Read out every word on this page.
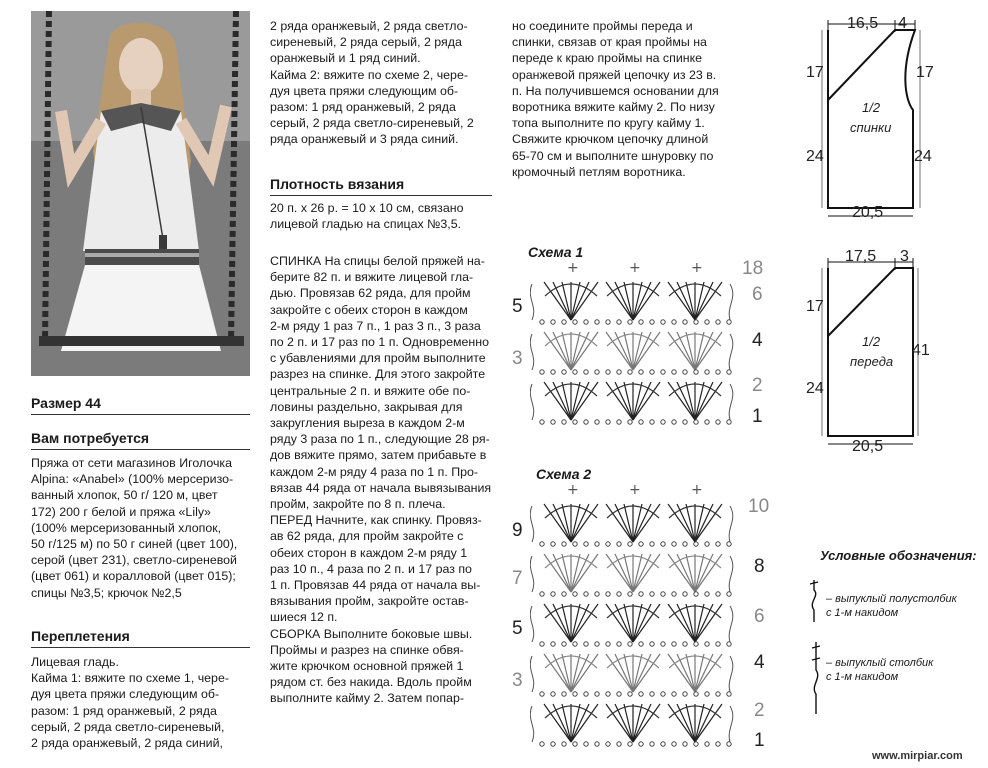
Размер 44
Вам потребуется

Пряжа от сети магазинов Иголочка

Alpina: «Anabel» (100% мерсеризо-

ванный хлопок, 50 г/ 120 м, цвет

172) 200 г белой и пряжа «Lily»

(100% мерсеризованный хлопок,

50 г/125 м) по 50 г синей (цвет 100),

серой (цвет 231), светло-сиреневой

(цвет 061) и коралловой (цвет 015);

спицы №3,5; крючок №2,5

Переплетения

Лицевая гладь.

Кайма 1: вяжите по схеме 1, чере-

дуя цвета пряжи следующим об-

разом: 1 ряд оранжевый, 2 ряда

серый, 2 ряда светло-сиреневый,

2 ряда оранжевый, 2 ряда синий,

2 ряда оранжевый, 2 ряда светло-

сиреневый, 2 ряда серый, 2 ряда

оранжевый и 1 ряд синий.

Кайма 2: вяжите по схеме 2, чере-

дуя цвета пряжи следующим об-

разом: 1 ряд оранжевый, 2 ряда

серый, 2 ряда светло-сиреневый, 2

ряда оранжевый и 3 ряда синий.

Плотность вязания

20 п. х 26 р. = 10 х 10 см, связано

лицевой гладью на спицах №3,5.

СПИНКА На спицы белой пряжей на-

берите 82 п. и вяжите лицевой гла-

дью. Провязав 62 ряда, для пройм

закройте с обеих сторон в каждом

2-м ряду 1 раз 7 п., 1 раз 3 п., 3 раза

по 2 п. и 17 раз по 1 п. Одновременно

с убавлениями для пройм выполните

разрез на спинке. Для этого закройте

центральные 2 п. и вяжите обе по-

ловины раздельно, закрывая для

закругления выреза в каждом 2-м

ряду 3 раза по 1 п., следующие 28 ря-

дов вяжите прямо, затем прибавьте в

каждом 2-м ряду 4 раза по 1 п. Про-

вязав 44 ряда от начала вывязывания

пройм, закройте по 8 п. плеча.

ПЕРЕД Начните, как спинку. Провяз-

ав 62 ряда, для пройм закройте с

обеих сторон в каждом 2-м ряду 1

раз 10 п., 4 раза по 2 п. и 17 раз по

1 п. Провязав 44 ряда от начала вы-

вязывания пройм, закройте остав-

шиеся 12 п.

СБОРКА Выполните боковые швы.

Проймы и разрез на спинке обвя-

жите крючком основной пряжей 1

рядом ст. без накида. Вдоль пройм

выполните кайму 2. Затем попар-

но соедините проймы переда и

спинки, связав от края проймы на

переде к краю проймы на спинке

оранжевой пряжей цепочку из 23 в.

п. На получившемся основании для

воротника вяжите кайму 2. По низу

топа выполните по кругу кайму 1.

Свяжите крючком цепочку длиной

65-70 см и выполните шнуровку по

кромочный петлям воротника.

Схема 1
+	+	+
5
3
18
6
4
2
1
Схема 2
+	+	+
9
7
5
3
10
8
6
4
2
1
16,5 4
17
24
17
24
20,5
1/2
спинки
17,5 3
17
24
41
20,5
1/2
переда
Условные обозначения:
– выпуклый полустолбик
с 1-м накидом
– выпуклый столбик
с 1-м накидом
www.mirpiar.com
